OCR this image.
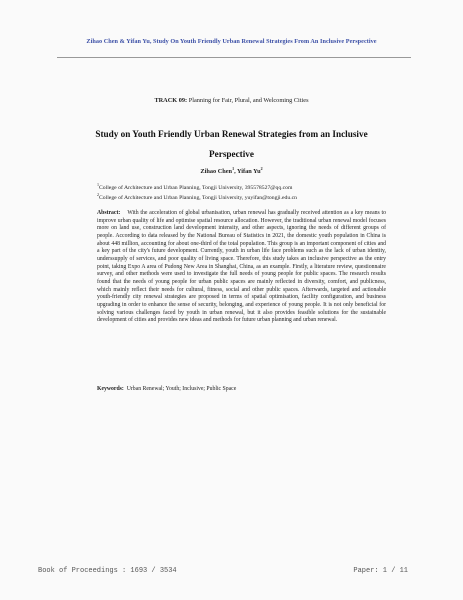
Zihao Chen & Yifan Yu, Study On Youth Friendly Urban Renewal Strategies From An Inclusive Perspective
TRACK 09: Planning for Fair, Plural, and Welcoming Cities
Study on Youth Friendly Urban Renewal Strategies from an Inclusive Perspective
Zihao Chen$^1$, Yifan Yu$^2$
$^1$College of Architecture and Urban Planning, Tongji University, 395578527@qq.com
$^2$College of Architecture and Urban Planning, Tongji University, yuyifan@tongji.edu.cn

Abstract: With the acceleration of global urbanisation, urban renewal has gradually received attention as a key means to improve urban quality of life and optimise spatial resource allocation. However, the traditional urban renewal model focuses more on land use, construction land development intensity, and other aspects, ignoring the needs of different groups of people. According to data released by the National Bureau of Statistics in 2021, the domestic youth population in China is about 448 million, accounting for about one-third of the total population. This group is an important component of cities and a key part of the city's future development. Currently, youth in urban life face problems such as the lack of urban identity, underssupply of services, and poor quality of living space. Therefore, this study takes an inclusive perspective as the entry point, taking Expo A area of Pudong New Area in Shanghai, China, as an example. Firstly, a literature review, questionnaire survey, and other methods were used to investigate the full needs of young people for public spaces. The research results found that the needs of young people for urban public spaces are mainly reflected in diversity, comfort, and publicness, which mainly reflect their needs for cultural, fitness, social and other public spaces. Afterwards, targeted and actionable youth-friendly city renewal strategies are proposed in terms of spatial optimisation, facility configuration, and business upgrading in order to enhance the sense of security, belonging, and experience of young people. It is not only beneficial for solving various challenges faced by youth in urban renewal, but it also provides feasible solutions for the sustainable development of cities and provides new ideas and methods for future urban planning and urban renewal.

Keywords: Urban Renewal; Youth; Inclusive; Public Space
Book of Proceedings : 1693 / 3534	Paper: 1 / 11
